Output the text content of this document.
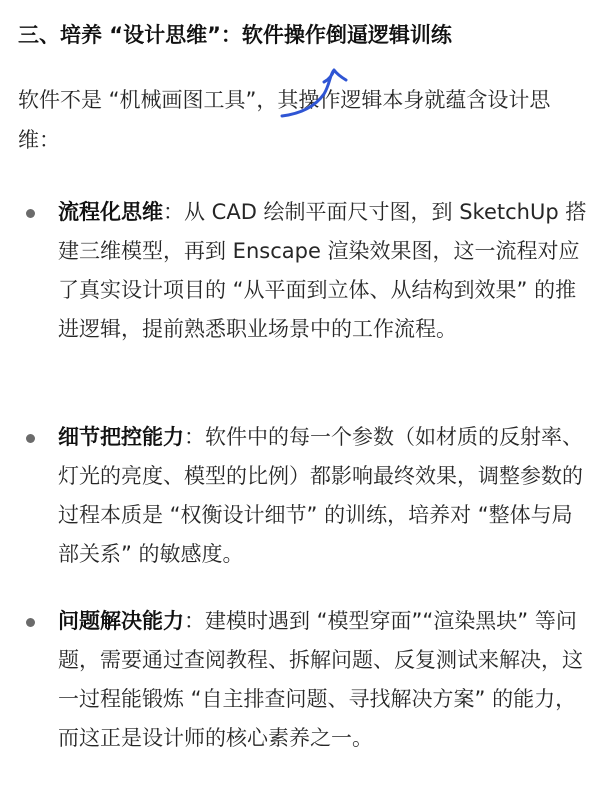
三、培养 “设计思维”：软件操作倒逼逻辑训练
软件不是 “机械画图工具”，其操作逻辑本身就蕴含设计思维：
流程化思维：从 CAD 绘制平面尺寸图，到 SketchUp 搭建三维模型，再到 Enscape 渲染效果图，这一流程对应了真实设计项目的 “从平面到立体、从结构到效果” 的推进逻辑，提前熟悉职业场景中的工作流程。
细节把控能力：软件中的每一个参数（如材质的反射率、灯光的亮度、模型的比例）都影响最终效果，调整参数的过程本质是 “权衡设计细节” 的训练，培养对 “整体与局部关系” 的敏感度。
问题解决能力：建模时遇到 “模型穿面”“渲染黑块” 等问题，需要通过查阅教程、拆解问题、反复测试来解决，这一过程能锻炼 “自主排查问题、寻找解决方案” 的能力，而这正是设计师的核心素养之一。
